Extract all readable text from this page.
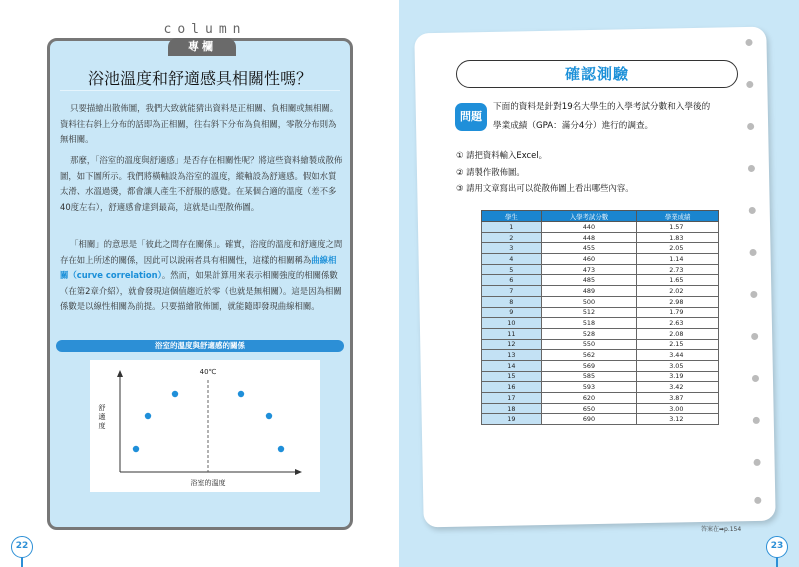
column
專欄
浴池溫度和舒適感具相關性嗎？

只要描繪出散佈圖，我們大致就能猜出資料是正相關、負相關或無相關。資料往右斜上分布的話即為正相關，往右斜下分布為負相關，零散分布則為無相關。

那麼，「浴室的溫度與舒適感」是否存在相關性呢？將這些資料繪製成散佈圖，如下圖所示。我們將橫軸設為浴室的溫度，縱軸設為舒適感。假如水質太滑、水溫過燙，都會讓人產生不舒服的感覺。在某個合適的溫度（差不多40度左右），舒適感會達到最高，這就是山型散佈圖。

「相關」的意思是「彼此之間存在關係」。確實，浴度的溫度和舒適度之間存在如上所述的關係，因此可以說兩者具有相關性，這樣的相關稱為曲線相關（curve correlation）。然而，如果計算用來表示相關強度的相關係數（在第2章介紹），就會發現這個值趨近於零（也就是無相關）。這是因為相關係數是以線性相關為前提。只要描繪散佈圖，就能隨即發現曲線相關。

浴室的溫度與舒適感的關係
40℃
舒
適
度
浴室的溫度
22
確認測驗
問題
下面的資料是針對19名大學生的入學考試分數和入學後的
學業成績（GPA：滿分4分）進行的調查。
① 請把資料輸入Excel。
② 請製作散佈圖。
③ 請用文章寫出可以從散佈圖上看出哪些內容。
學生	入學考試分數	學業成績
1	440	1.57
2	448	1.83
3	455	2.05
4	460	1.14
5	473	2.73
6	485	1.65
7	489	2.02
8	500	2.98
9	512	1.79
10	518	2.63
11	528	2.08
12	550	2.15
13	562	3.44
14	569	3.05
15	585	3.19
16	593	3.42
17	620	3.87
18	650	3.00
19	690	3.12
答案在➡p.154
23
